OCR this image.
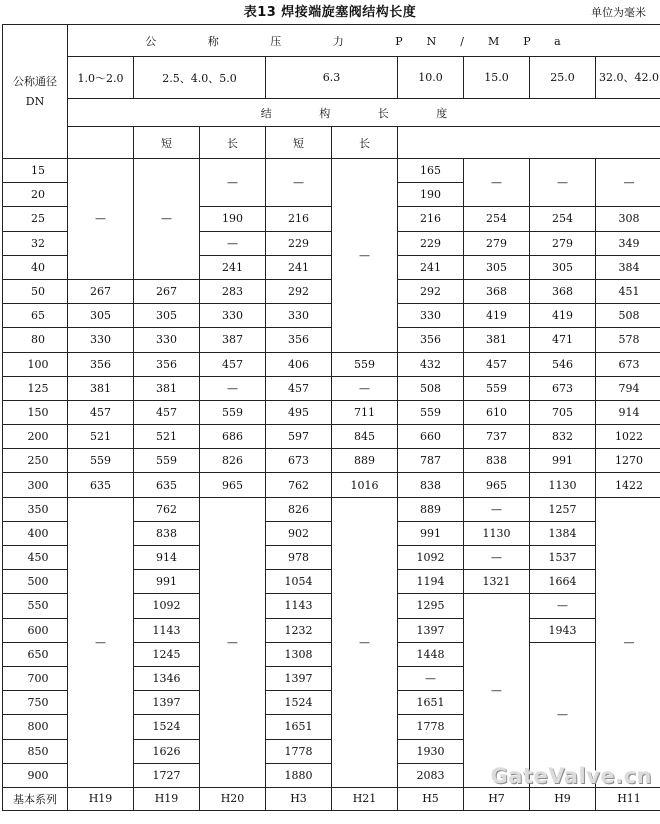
表13 焊接端旋塞阀结构长度	单位为毫米
公称通径 DN	公 称 压 力 PN/MPa								
	1.0～2.0	2.5、4.0、5.0		6.3		10.0	15.0	25.0	32.0、42.0
	结 构 长 度								
		短	长	短	长				
15	—	—	—	—	—	165	—	—	—
20						190			
25			190	216		216	254	254	308
32			—	229		229	279	279	349
40			241	241		241	305	305	384
50	267	267	283	292		292	368	368	451
65	305	305	330	330		330	419	419	508
80	330	330	387	356		356	381	471	578
100	356	356	457	406	559	432	457	546	673
125	381	381	—	457	—	508	559	673	794
150	457	457	559	495	711	559	610	705	914
200	521	521	686	597	845	660	737	832	1022
250	559	559	826	673	889	787	838	991	1270
300	635	635	965	762	1016	838	965	1130	1422
350	—	762	—	826	—	889	—	1257	—
400		838		902		991	1130	1384	
450		914		978		1092	—	1537	
500		991		1054		1194	1321	1664	
550		1092		1143		1295	—	—	
600		1143		1232		1397		1943	
650		1245		1308		1448		—	
700		1346		1397		—			
750		1397		1524		1651			
800		1524		1651		1778			
850		1626		1778		1930			
900		1727		1880		2083			
基本系列	H19	H19	H20	H3	H21	H5	H7	H9	H11
GateValve.cn
